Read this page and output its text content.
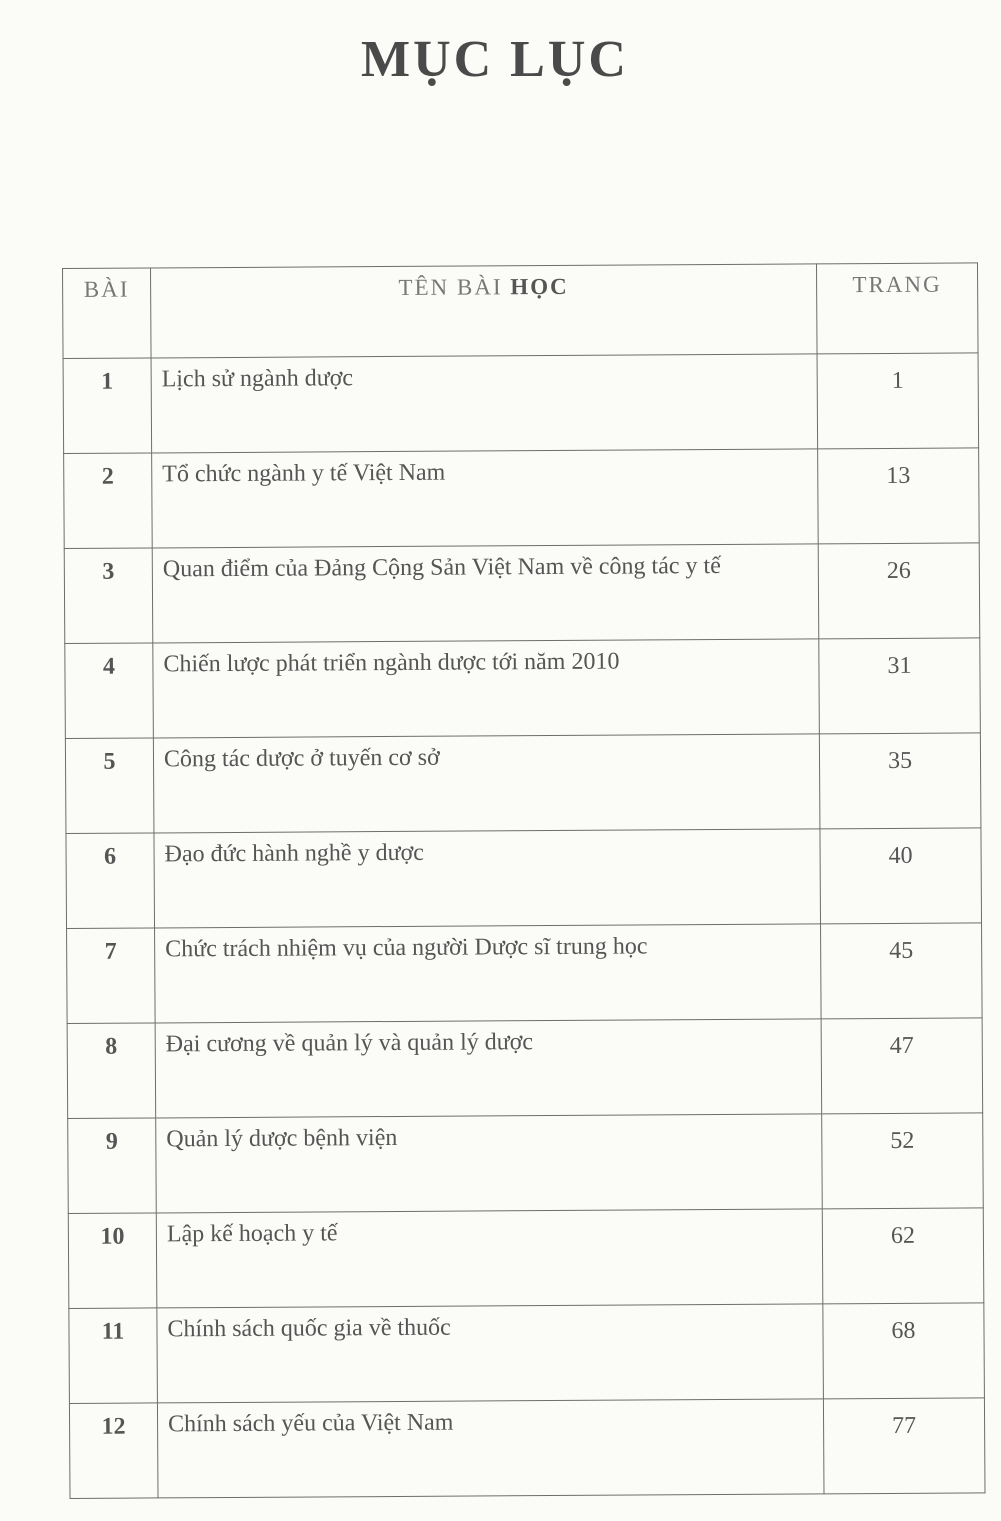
MỤC LỤC
BÀI	TÊN BÀI HỌC	TRANG
1	Lịch sử ngành dược	1
2	Tổ chức ngành y tế Việt Nam	13
3	Quan điểm của Đảng Cộng Sản Việt Nam về công tác y tế	26
4	Chiến lược phát triển ngành dược tới năm 2010	31
5	Công tác dược ở tuyến cơ sở	35
6	Đạo đức hành nghề y dược	40
7	Chức trách nhiệm vụ của người Dược sĩ trung học	45
8	Đại cương về quản lý và quản lý dược	47
9	Quản lý dược bệnh viện	52
10	Lập kế hoạch y tế	62
11	Chính sách quốc gia về thuốc	68
12	Chính sách yếu của Việt Nam	77
